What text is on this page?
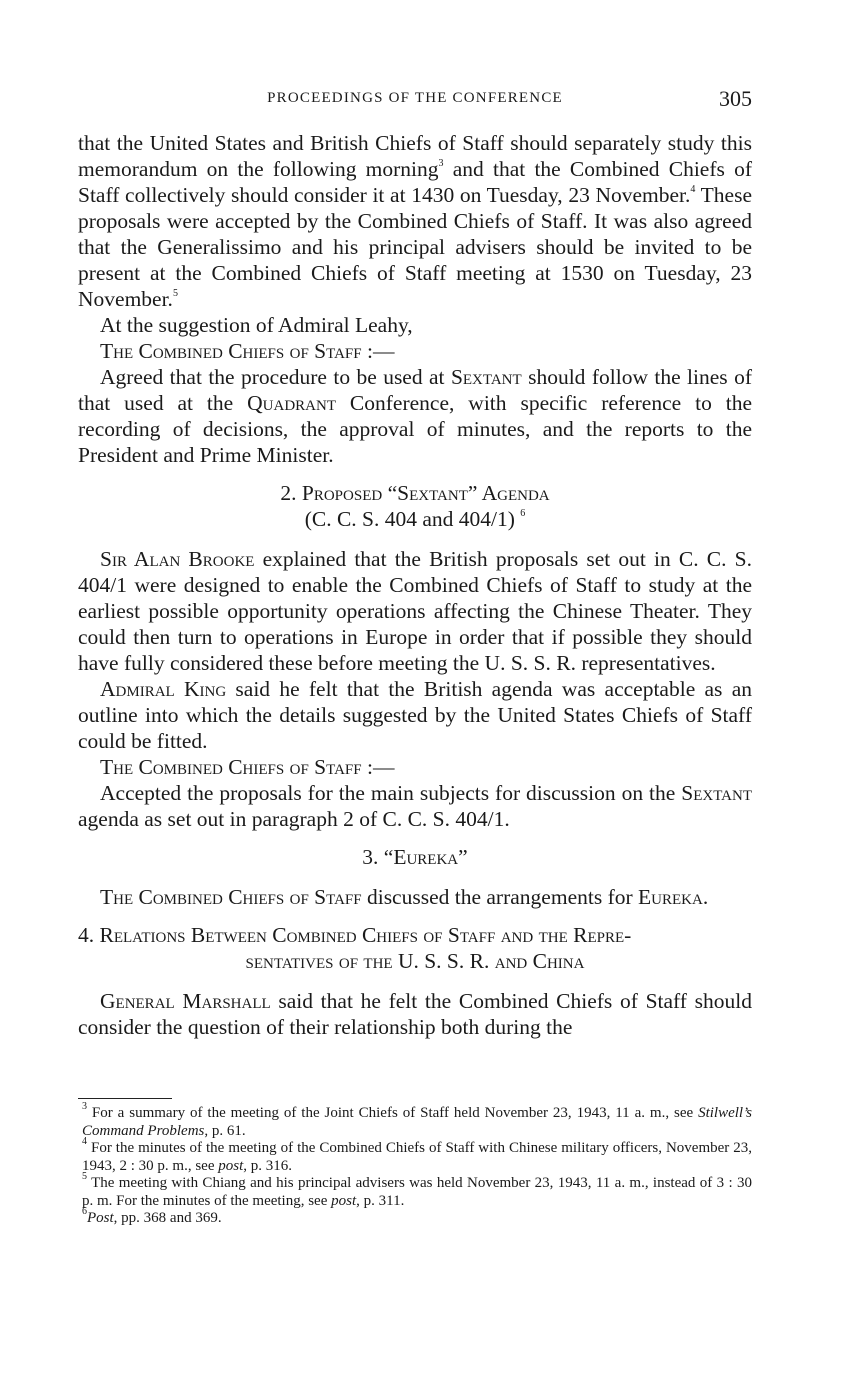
PROCEEDINGS OF THE CONFERENCE	305

that the United States and British Chiefs of Staff should separately study this memorandum on the following morning$^3$ and that the Combined Chiefs of Staff collectively should consider it at 1430 on Tuesday, 23 November.$^4$ These proposals were accepted by the Combined Chiefs of Staff. It was also agreed that the Generalissimo and his principal advisers should be invited to be present at the Combined Chiefs of Staff meeting at 1530 on Tuesday, 23 November.$^5$

At the suggestion of Admiral Leahy,

The Combined Chiefs of Staff :—

Agreed that the procedure to be used at Sextant should follow the lines of that used at the Quadrant Conference, with specific reference to the recording of decisions, the approval of minutes, and the reports to the President and Prime Minister.

2. Proposed “Sextant” Agenda

(C. C. S. 404 and 404/1) $^6$

Sir Alan Brooke explained that the British proposals set out in C. C. S. 404/1 were designed to enable the Combined Chiefs of Staff to study at the earliest possible opportunity operations affecting the Chinese Theater. They could then turn to operations in Europe in order that if possible they should have fully considered these before meeting the U. S. S. R. representatives.

Admiral King said he felt that the British agenda was acceptable as an outline into which the details suggested by the United States Chiefs of Staff could be fitted.

The Combined Chiefs of Staff :—

Accepted the proposals for the main subjects for discussion on the Sextant agenda as set out in paragraph 2 of C. C. S. 404/1.

3. “Eureka”

The Combined Chiefs of Staff discussed the arrangements for Eureka.

4. Relations Between Combined Chiefs of Staff and the Repre-

sentatives of the U. S. S. R. and China

General Marshall said that he felt the Combined Chiefs of Staff should consider the question of their relationship both during the

$^3$ For a summary of the meeting of the Joint Chiefs of Staff held November 23, 1943, 11 a. m., see Stilwell’s Command Problems, p. 61.

$^4$ For the minutes of the meeting of the Combined Chiefs of Staff with Chinese military officers, November 23, 1943, 2 : 30 p. m., see post, p. 316.

$^5$ The meeting with Chiang and his principal advisers was held November 23, 1943, 11 a. m., instead of 3 : 30 p. m. For the minutes of the meeting, see post, p. 311.

$^6$Post, pp. 368 and 369.
